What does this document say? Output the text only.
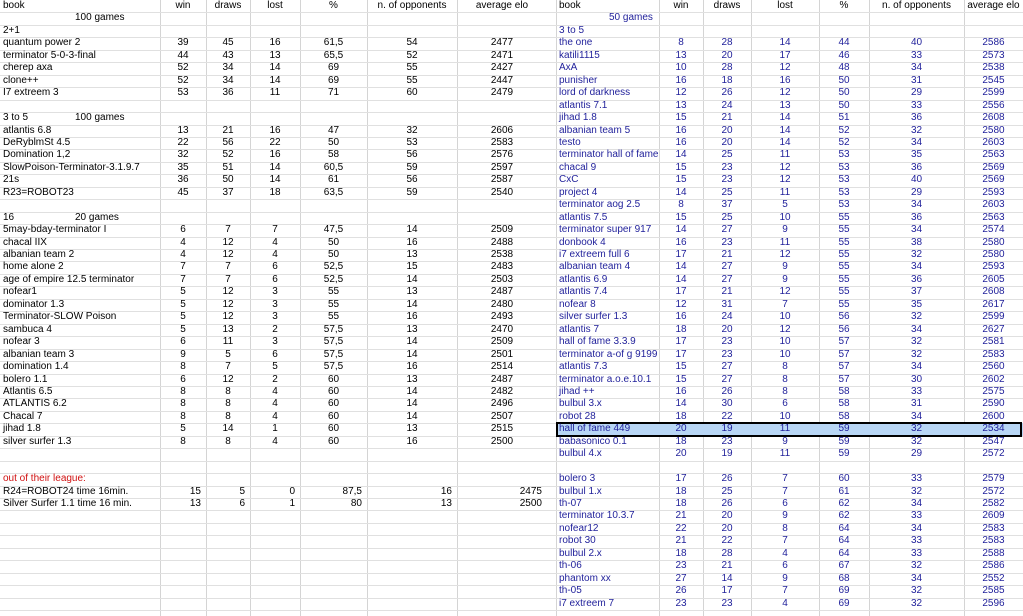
book	win	draws	lost	%	n. of opponents	average elo	book	win	draws	lost	%	n. of opponents	average elo
100 games
2+1
quantum power 2	39	45	16	61,5	54	2477
terminator 5-0-3-final	44	43	13	65,5	52	2471
cherep axa	52	34	14	69	55	2427
clone++	52	34	14	69	55	2447
I7 extreem 3	53	36	11	71	60	2479
3 to 5	100 games
atlantis 6.8	13	21	16	47	32	2606
DeRyblmSt 4.5	22	56	22	50	53	2583
Domination 1,2	32	52	16	58	56	2576
SlowPoison-Terminator-3.1.9.7	35	51	14	60,5	59	2597
21s	36	50	14	61	56	2587
R23=ROBOT23	45	37	18	63,5	59	2540
16	20 games
5may-bday-terminator I	6	7	7	47,5	14	2509
chacal IIX	4	12	4	50	16	2488
albanian team 2	4	12	4	50	13	2538
home alone 2	7	7	6	52,5	15	2483
age of empire 12.5 terminator	7	7	6	52,5	14	2503
nofear1	5	12	3	55	13	2487
dominator 1.3	5	12	3	55	14	2480
Terminator-SLOW Poison	5	12	3	55	16	2493
sambuca 4	5	13	2	57,5	13	2470
nofear 3	6	11	3	57,5	14	2509
albanian team 3	9	5	6	57,5	14	2501
domination 1.4	8	7	5	57,5	16	2514
bolero 1.1	6	12	2	60	13	2487
Atlantis 6.5	8	8	4	60	14	2482
ATLANTIS 6.2	8	8	4	60	14	2496
Chacal 7	8	8	4	60	14	2507
jihad 1.8	5	14	1	60	13	2515
silver surfer 1.3	8	8	4	60	16	2500
out of their league:
R24=ROBOT24 time 16min.	15	5	0	87,5	16	2475
Silver Surfer 1.1 time 16 min.	13	6	1	80	13	2500
50 games
3 to 5
the one	8	28	14	44	40	2586
katili1115	13	20	17	46	33	2573
AxA	10	28	12	48	34	2538
punisher	16	18	16	50	31	2545
lord of darkness	12	26	12	50	29	2599
atlantis 7.1	13	24	13	50	33	2556
jihad 1.8	15	21	14	51	36	2608
albanian team 5	16	20	14	52	32	2580
testo	16	20	14	52	34	2603
terminator hall of fame	14	25	11	53	35	2563
chacal 9	15	23	12	53	36	2569
CxC	15	23	12	53	40	2569
project 4	14	25	11	53	29	2593
terminator aog 2.5	8	37	5	53	34	2603
atlantis 7.5	15	25	10	55	36	2563
terminator super 917	14	27	9	55	34	2574
donbook 4	16	23	11	55	38	2580
i7 extreem full 6	17	21	12	55	32	2580
albanian team 4	14	27	9	55	34	2593
atlantis 6.9	14	27	9	55	36	2605
atlantis 7.4	17	21	12	55	37	2608
nofear 8	12	31	7	55	35	2617
silver surfer 1.3	16	24	10	56	32	2599
atlantis 7	18	20	12	56	34	2627
hall of fame 3.3.9	17	23	10	57	32	2581
terminator a-of g 9199	17	23	10	57	32	2583
atlantis 7.3	15	27	8	57	34	2560
terminator a.o.e.10.1	15	27	8	57	30	2602
jihad ++	16	26	8	58	33	2575
bulbul 3.x	14	30	6	58	31	2590
robot 28	18	22	10	58	34	2600
hall of fame 449	20	19	11	59	32	2534
babasonico 0.1	18	23	9	59	32	2547
bulbul 4.x	20	19	11	59	29	2572
bolero 3	17	26	7	60	33	2579
bulbul 1.x	18	25	7	61	32	2572
th-07	18	26	6	62	34	2582
terminator 10.3.7	21	20	9	62	33	2609
nofear12	22	20	8	64	34	2583
robot 30	21	22	7	64	33	2583
bulbul 2.x	18	28	4	64	33	2588
th-06	23	21	6	67	32	2586
phantom xx	27	14	9	68	34	2552
th-05	26	17	7	69	32	2585
i7 extreem 7	23	23	4	69	32	2596
